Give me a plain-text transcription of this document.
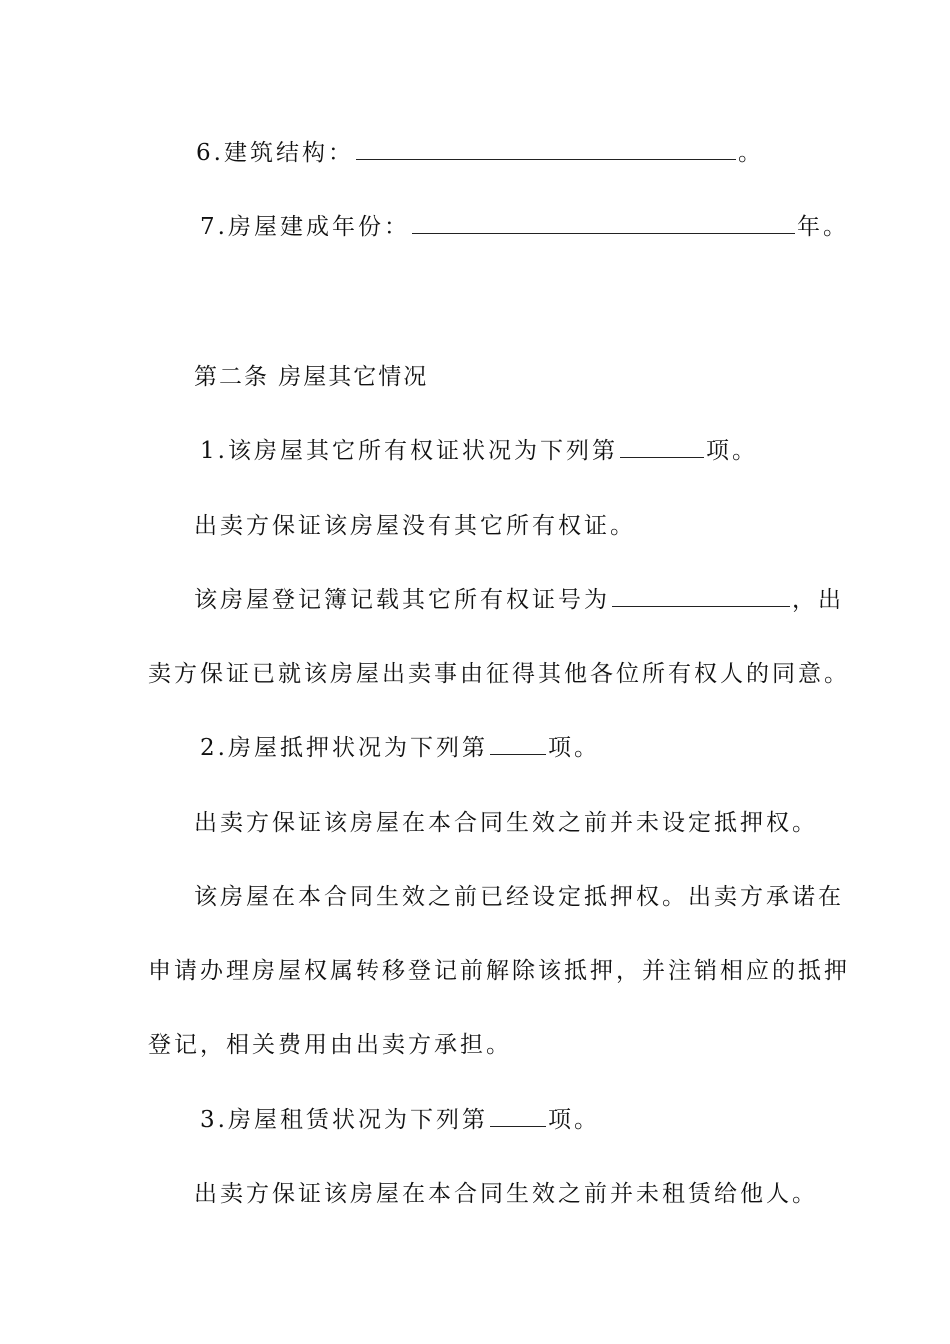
6.建筑结构：	。
7.房屋建成年份：	年。
第二条 房屋其它情况
1.该房屋其它所有权证状况为下列第	项。
出卖方保证该房屋没有其它所有权证。
该房屋登记簿记载其它所有权证号为	，出
卖方保证已就该房屋出卖事由征得其他各位所有权人的同意。
2.房屋抵押状况为下列第	项。
出卖方保证该房屋在本合同生效之前并未设定抵押权。
该房屋在本合同生效之前已经设定抵押权。出卖方承诺在
申请办理房屋权属转移登记前解除该抵押，并注销相应的抵押
登记，相关费用由出卖方承担。
3.房屋租赁状况为下列第	项。
出卖方保证该房屋在本合同生效之前并未租赁给他人。
